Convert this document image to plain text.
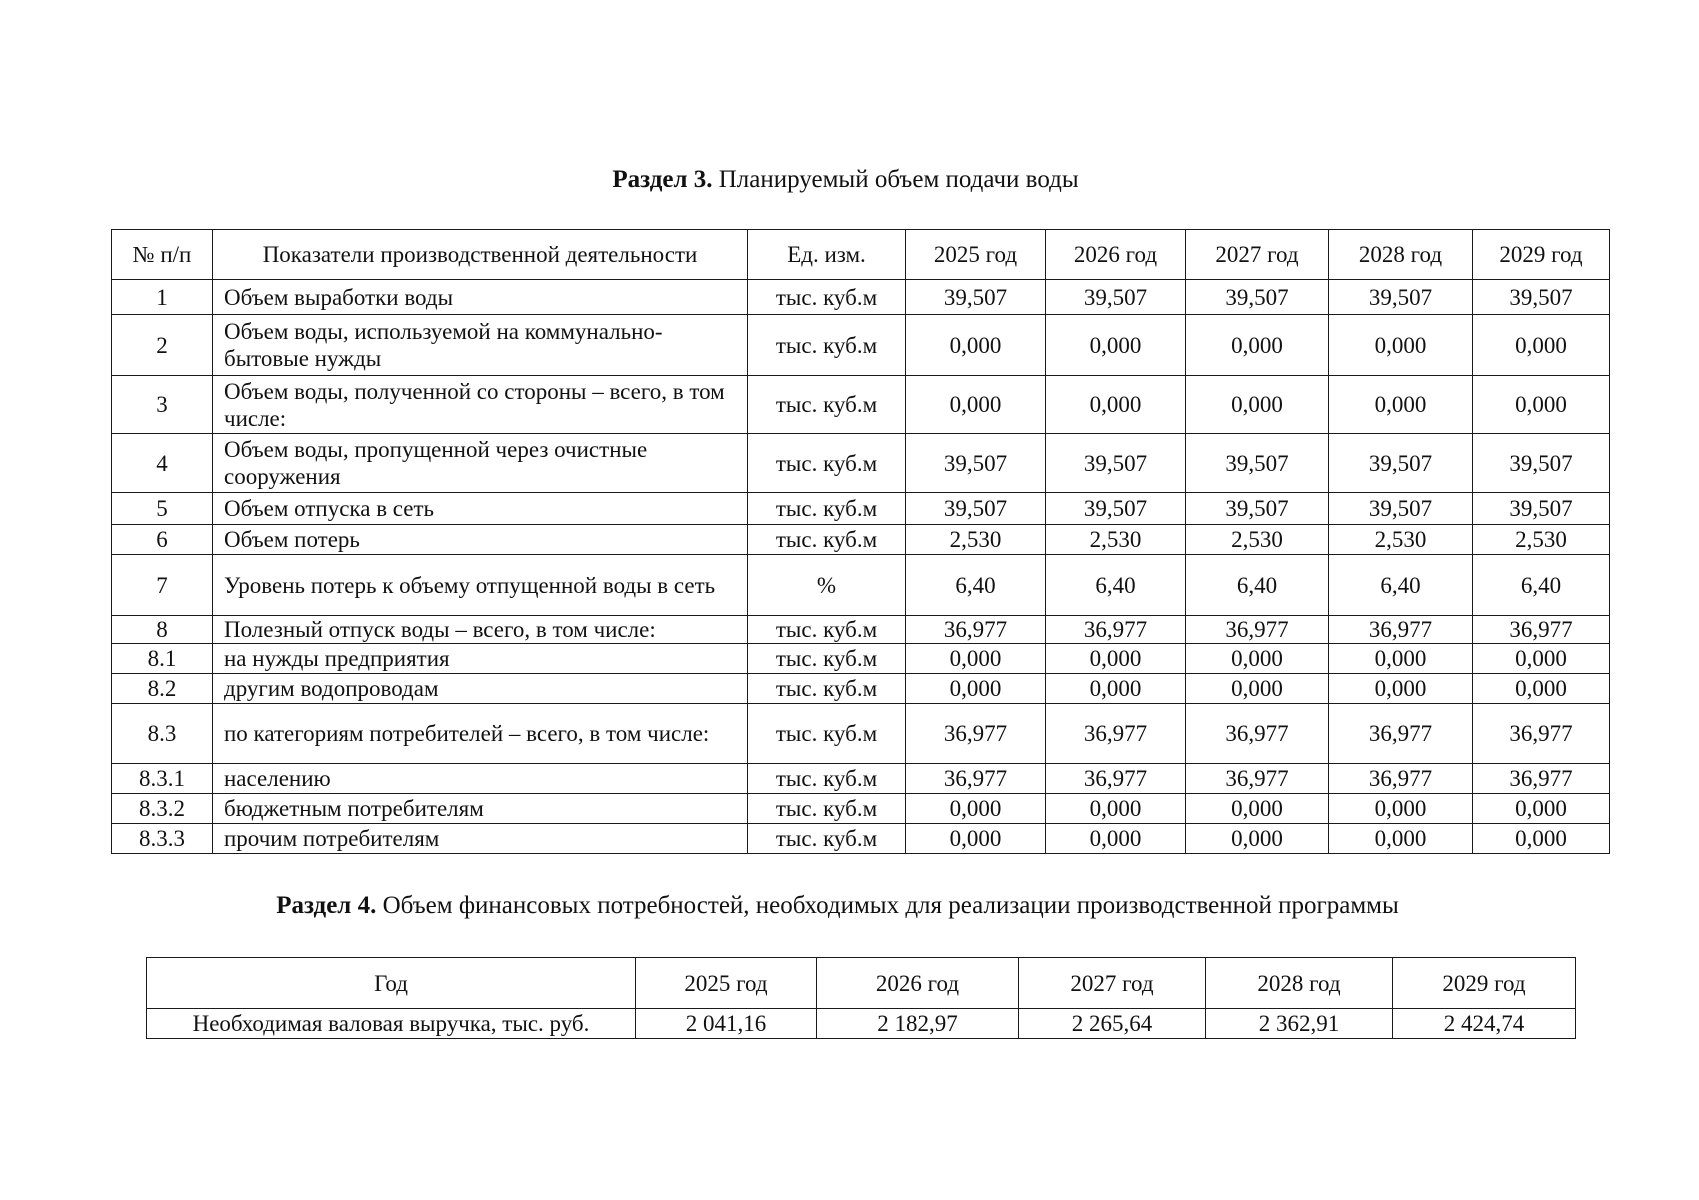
Раздел 3. Планируемый объем подачи воды
№ п/п	Показатели производственной деятельности	Ед. изм.	2025 год	2026 год	2027 год	2028 год	2029 год
1	Объем выработки воды	тыс. куб.м	39,507	39,507	39,507	39,507	39,507
2	Объем воды, используемой на коммунально-бытовые нужды	тыс. куб.м	0,000	0,000	0,000	0,000	0,000
3	Объем воды, полученной со стороны – всего, в том числе:	тыс. куб.м	0,000	0,000	0,000	0,000	0,000
4	Объем воды, пропущенной через очистные сооружения	тыс. куб.м	39,507	39,507	39,507	39,507	39,507
5	Объем отпуска в сеть	тыс. куб.м	39,507	39,507	39,507	39,507	39,507
6	Объем потерь	тыс. куб.м	2,530	2,530	2,530	2,530	2,530
7	Уровень потерь к объему отпущенной воды в сеть	%	6,40	6,40	6,40	6,40	6,40
8	Полезный отпуск воды – всего, в том числе:	тыс. куб.м	36,977	36,977	36,977	36,977	36,977
8.1	на нужды предприятия	тыс. куб.м	0,000	0,000	0,000	0,000	0,000
8.2	другим водопроводам	тыс. куб.м	0,000	0,000	0,000	0,000	0,000
8.3	по категориям потребителей – всего, в том числе:	тыс. куб.м	36,977	36,977	36,977	36,977	36,977
8.3.1	населению	тыс. куб.м	36,977	36,977	36,977	36,977	36,977
8.3.2	бюджетным потребителям	тыс. куб.м	0,000	0,000	0,000	0,000	0,000
8.3.3	прочим потребителям	тыс. куб.м	0,000	0,000	0,000	0,000	0,000
Раздел 4. Объем финансовых потребностей, необходимых для реализации производственной программы
Год	2025 год	2026 год	2027 год	2028 год	2029 год
Необходимая валовая выручка, тыс. руб.	2 041,16	2 182,97	2 265,64	2 362,91	2 424,74
